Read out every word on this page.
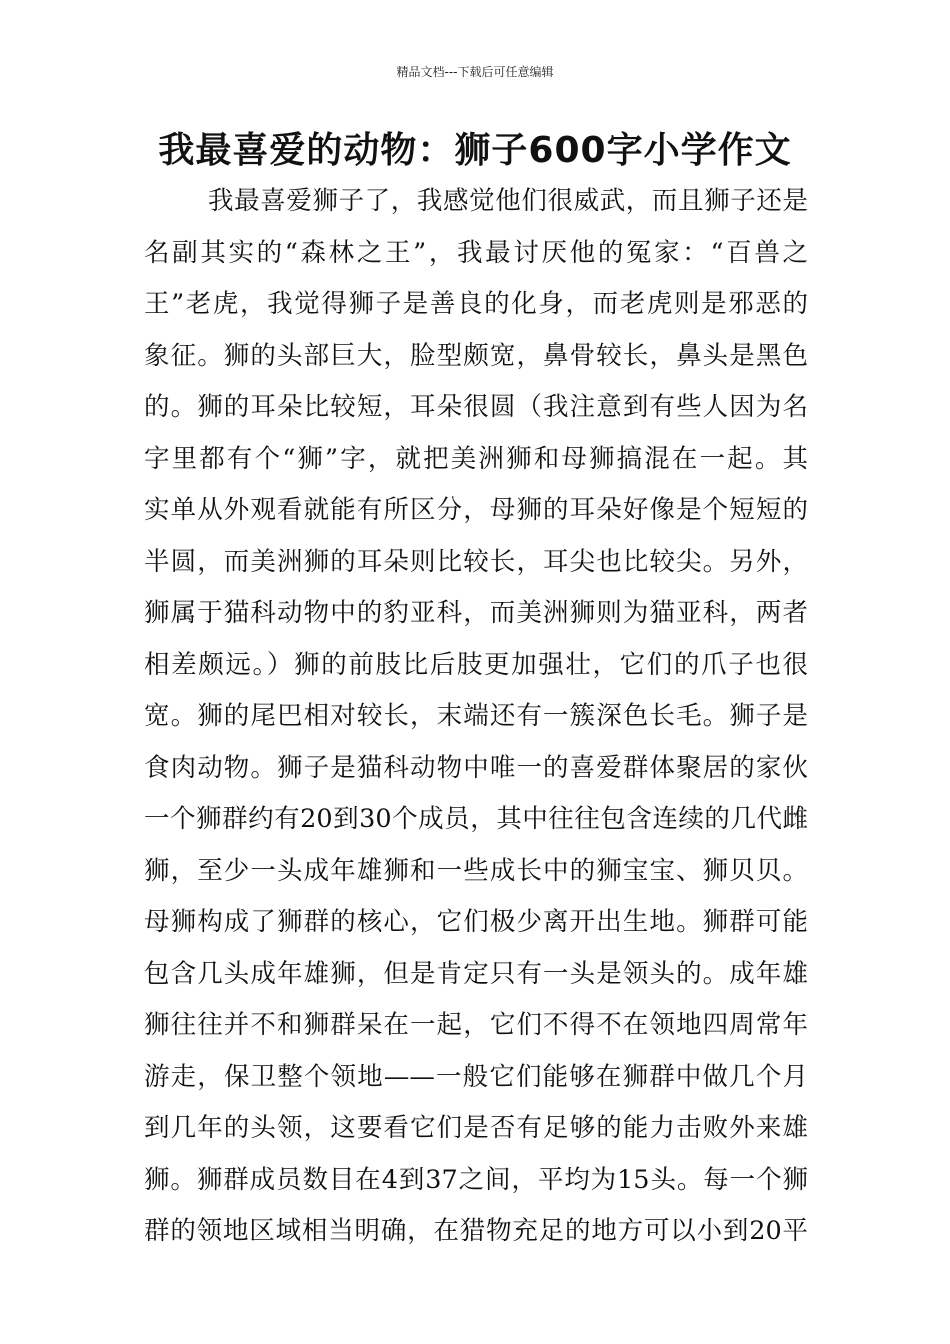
精品文档---下载后可任意编辑
我最喜爱的动物：狮子600字小学作文
我最喜爱狮子了，我感觉他们很威武，而且狮子还是
名副其实的“森林之王”，我最讨厌他的冤家：“百兽之
王”老虎，我觉得狮子是善良的化身，而老虎则是邪恶的
象征。狮的头部巨大，脸型颇宽，鼻骨较长，鼻头是黑色
的。狮的耳朵比较短，耳朵很圆（我注意到有些人因为名
字里都有个“狮”字，就把美洲狮和母狮搞混在一起。其
实单从外观看就能有所区分，母狮的耳朵好像是个短短的
半圆，而美洲狮的耳朵则比较长，耳尖也比较尖。另外，
狮属于猫科动物中的豹亚科，而美洲狮则为猫亚科，两者
相差颇远。）狮的前肢比后肢更加强壮，它们的爪子也很
宽。狮的尾巴相对较长，末端还有一簇深色长毛。狮子是
食肉动物。狮子是猫科动物中唯一的喜爱群体聚居的家伙
一个狮群约有20到30个成员，其中往往包含连续的几代雌
狮，至少一头成年雄狮和一些成长中的狮宝宝、狮贝贝。
母狮构成了狮群的核心，它们极少离开出生地。狮群可能
包含几头成年雄狮，但是肯定只有一头是领头的。成年雄
狮往往并不和狮群呆在一起，它们不得不在领地四周常年
游走，保卫整个领地——一般它们能够在狮群中做几个月
到几年的头领，这要看它们是否有足够的能力击败外来雄
狮。狮群成员数目在4到37之间，平均为15头。每一个狮
群的领地区域相当明确，在猎物充足的地方可以小到20平
